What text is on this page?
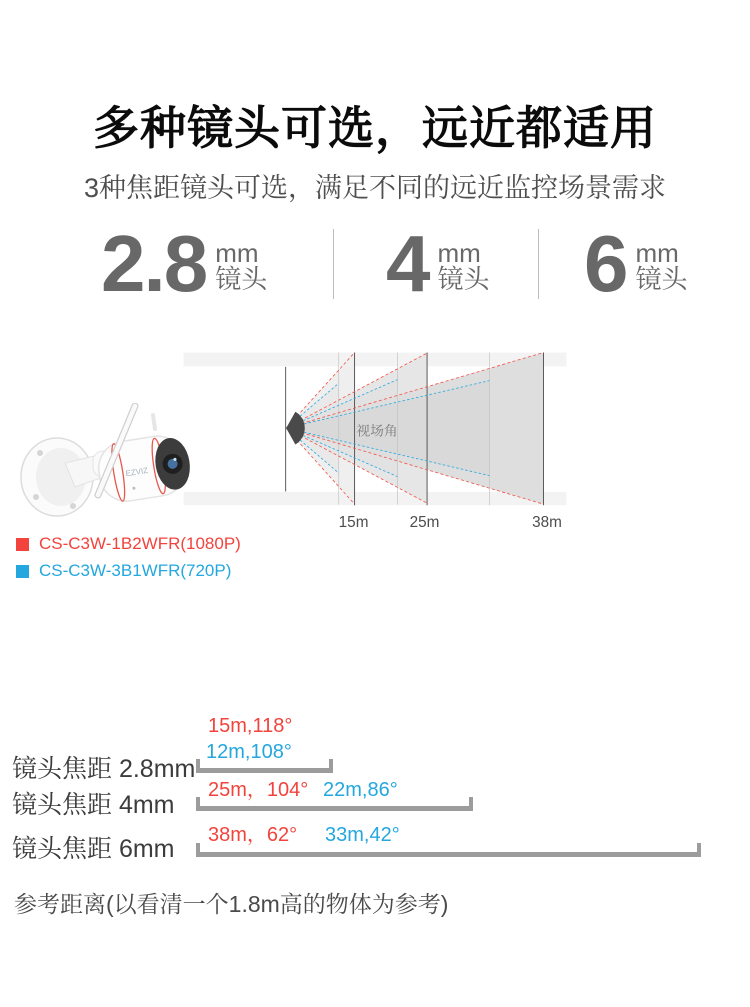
多种镜头可选，远近都适用
3种焦距镜头可选，满足不同的远近监控场景需求
2.8 mm
镜头 4 mm
镜头 6 mm
镜头
视场角
15m 25m	38m
EZVIZ
CS-C3W-1B2WFR(1080P)
CS-C3W-3B1WFR(720P)
15m,118°
12m,108°
镜头焦距 2.8mm
25m，104° 22m,86°
镜头焦距 4mm
38m，62° 33m,42°
镜头焦距 6mm
参考距离(以看清一个1.8m高的物体为参考)
